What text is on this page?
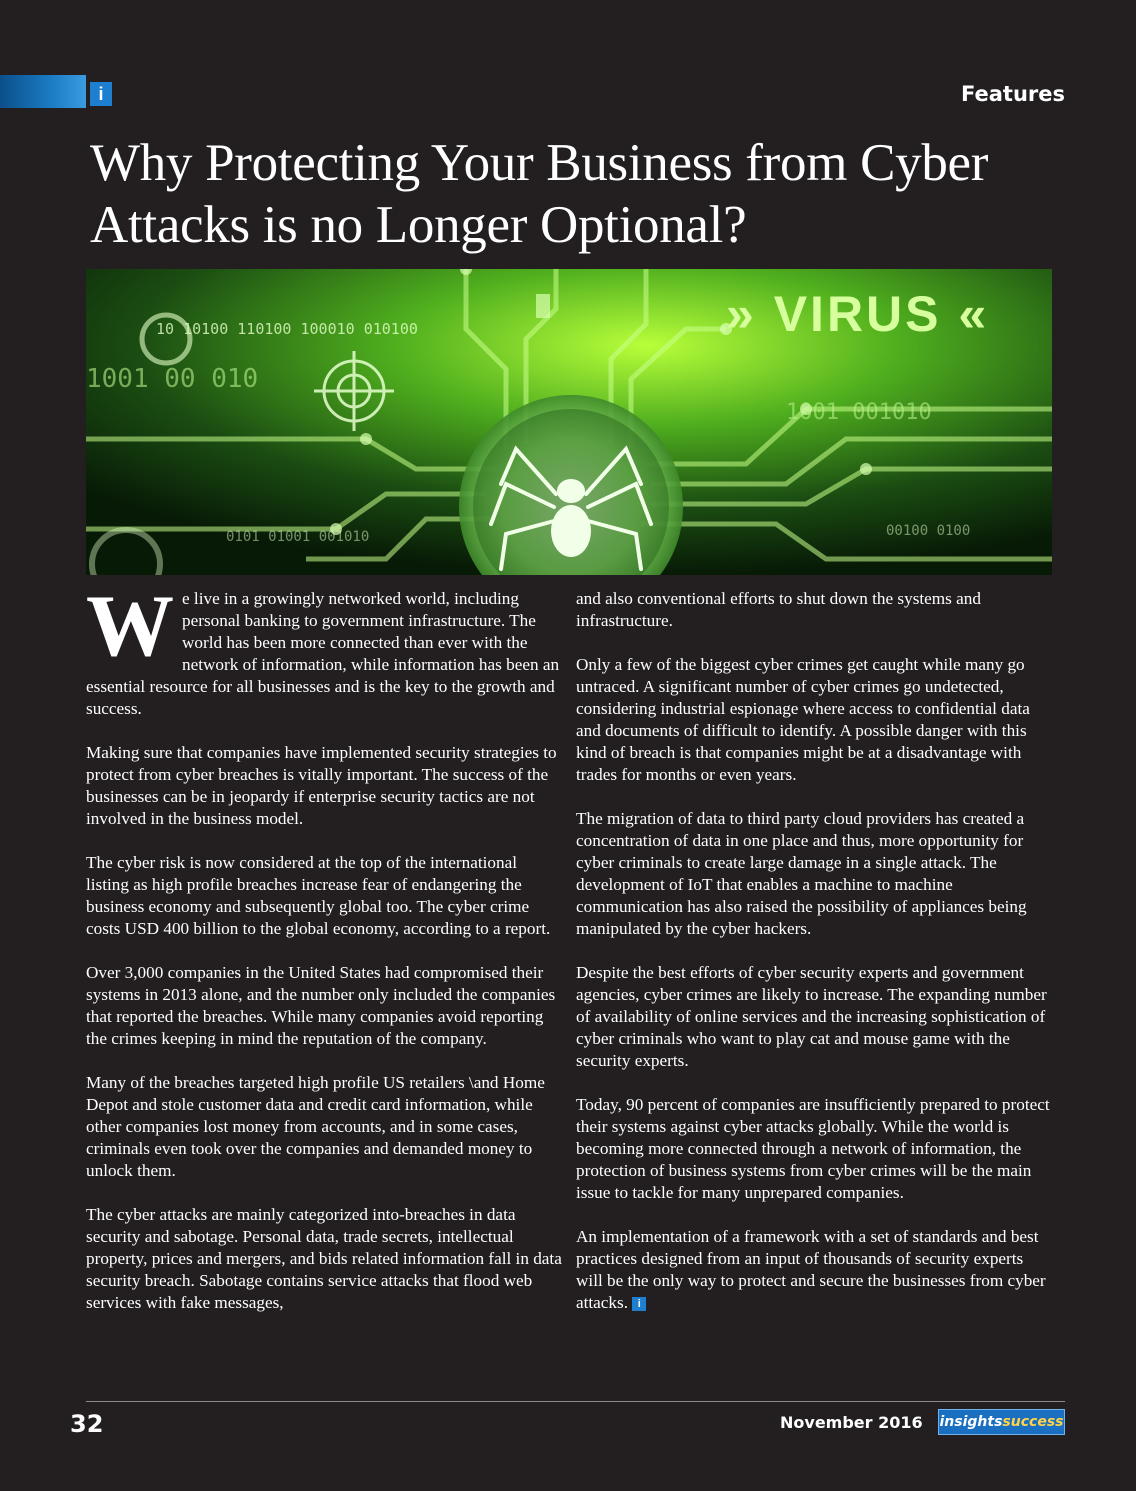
i	Features
Why Protecting Your Business from Cyber Attacks is no Longer Optional?
» VIRUS «
10 10100 110100 100010 010100
1001 00 010
1001 001010
0101 01001 001010	00100 0100

We live in a growingly networked world, including personal banking to government infrastructure. The world has been more connected than ever with the network of information, while information has been an essential resource for all businesses and is the key to the growth and success.

Making sure that companies have implemented security strategies to protect from cyber breaches is vitally important. The success of the businesses can be in jeopardy if enterprise security tactics are not involved in the business model.

The cyber risk is now considered at the top of the international listing as high profile breaches increase fear of endangering the business economy and subsequently global too. The cyber crime costs USD 400 billion to the global economy, according to a report.

Over 3,000 companies in the United States had compromised their systems in 2013 alone, and the number only included the companies that reported the breaches. While many companies avoid reporting the crimes keeping in mind the reputation of the company.

Many of the breaches targeted high profile US retailers \and Home Depot and stole customer data and credit card information, while other companies lost money from accounts, and in some cases, criminals even took over the companies and demanded money to unlock them.

The cyber attacks are mainly categorized into-breaches in data security and sabotage. Personal data, trade secrets, intellectual property, prices and mergers, and bids related information fall in data security breach. Sabotage contains service attacks that flood web services with fake messages,

and also conventional efforts to shut down the systems and infrastructure.

Only a few of the biggest cyber crimes get caught while many go untraced. A significant number of cyber crimes go undetected, considering industrial espionage where access to confidential data and documents of difficult to identify. A possible danger with this kind of breach is that companies might be at a disadvantage with trades for months or even years.

The migration of data to third party cloud providers has created a concentration of data in one place and thus, more opportunity for cyber criminals to create large damage in a single attack. The development of IoT that enables a machine to machine communication has also raised the possibility of appliances being manipulated by the cyber hackers.

Despite the best efforts of cyber security experts and government agencies, cyber crimes are likely to increase. The expanding number of availability of online services and the increasing sophistication of cyber criminals who want to play cat and mouse game with the security experts.

Today, 90 percent of companies are insufficiently prepared to protect their systems against cyber attacks globally. While the world is becoming more connected through a network of information, the protection of business systems from cyber crimes will be the main issue to tackle for many unprepared companies.

An implementation of a framework with a set of standards and best practices designed from an input of thousands of security experts will be the only way to protect and secure the businesses from cyber attacks. i

32	November 2016 insightssuccess
